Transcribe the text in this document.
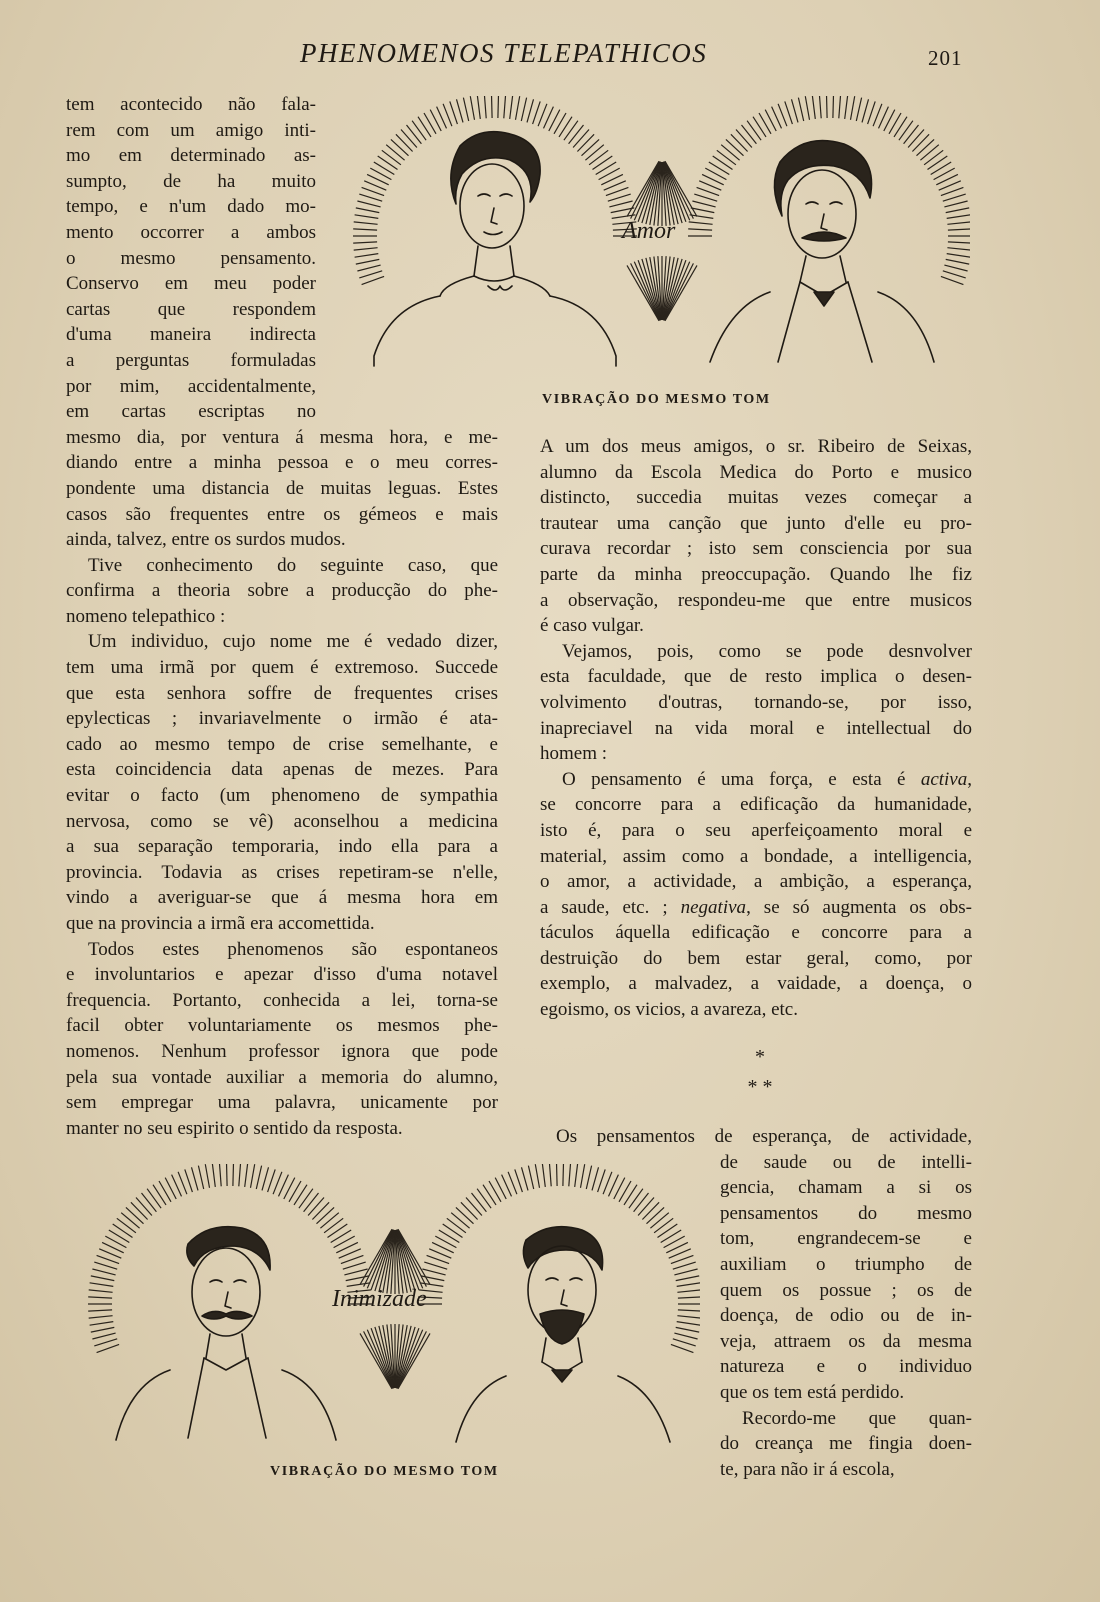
PHENOMENOS TELEPATHICOS	201
tem acontecido não fala-
rem com um amigo inti-
mo em determinado as-
sumpto, de ha muito
tempo, e n'um dado mo-
mento occorrer a ambos
o mesmo pensamento.
Conservo em meu poder
cartas que respondem
d'uma maneira indirecta
a perguntas formuladas
por mim, accidentalmente,
em cartas escriptas no
mesmo dia, por ventura á mesma hora, e me-
diando entre a minha pessoa e o meu corres-
pondente uma distancia de muitas leguas. Estes
casos são frequentes entre os gémeos e mais
ainda, talvez, entre os surdos mudos.
Tive conhecimento do seguinte caso, que
confirma a theoria sobre a producção do phe-
nomeno telepathico :
Um individuo, cujo nome me é vedado dizer,
tem uma irmã por quem é extremoso. Succede
que esta senhora soffre de frequentes crises
epylecticas ; invariavelmente o irmão é ata-
cado ao mesmo tempo de crise semelhante, e
esta coincidencia data apenas de mezes. Para
evitar o facto (um phenomeno de sympathia
nervosa, como se vê) aconselhou a medicina
a sua separação temporaria, indo ella para a
provincia. Todavia as crises repetiram-se n'elle,
vindo a averiguar-se que á mesma hora em
que na provincia a irmã era accomettida.
Todos estes phenomenos são espontaneos
e involuntarios e apezar d'isso d'uma notavel
frequencia. Portanto, conhecida a lei, torna-se
facil obter voluntariamente os mesmos phe-
nomenos. Nenhum professor ignora que pode
pela sua vontade auxiliar a memoria do alumno,
sem empregar uma palavra, unicamente por
manter no seu espirito o sentido da resposta.
Amor
VIBRAÇÃO DO MESMO TOM
A um dos meus amigos, o sr. Ribeiro de Seixas,
alumno da Escola Medica do Porto e musico
distincto, succedia muitas vezes começar a
trautear uma canção que junto d'elle eu pro-
curava recordar ; isto sem consciencia por sua
parte da minha preoccupação. Quando lhe fiz
a observação, respondeu-me que entre musicos
é caso vulgar.
Vejamos, pois, como se pode desnvolver
esta faculdade, que de resto implica o desen-
volvimento d'outras, tornando-se, por isso,
inapreciavel na vida moral e intellectual do
homem :
O pensamento é uma força, e esta é activa,
se concorre para a edificação da humanidade,
isto é, para o seu aperfeiçoamento moral e
material, assim como a bondade, a intelligencia,
o amor, a actividade, a ambição, a esperança,
a saude, etc. ; negativa, se só augmenta os obs-
táculos áquella edificação e concorre para a
destruição do bem estar geral, como, por
exemplo, a malvadez, a vaidade, a doença, o
egoismo, os vicios, a avareza, etc.
*
* *
Os pensamentos de esperança, de actividade,
de saude ou de intelli-
gencia, chamam a si os
pensamentos do mesmo
tom, engrandecem-se e
auxiliam o triumpho de
quem os possue ; os de
doença, de odio ou de in-
veja, attraem os da mesma
natureza e o individuo
que os tem está perdido.
Recordo-me que quan-
do creança me fingia doen-
te, para não ir á escola,
Inimizade
VIBRAÇÃO DO MESMO TOM
